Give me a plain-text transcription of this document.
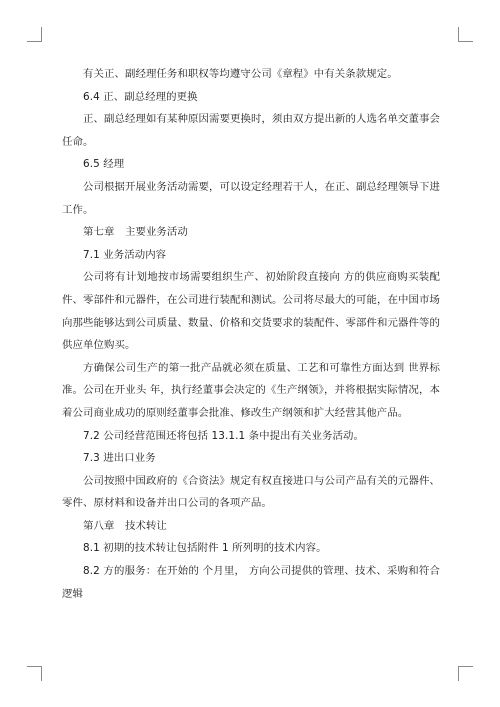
有关正、副经理任务和职权等均遵守公司《章程》中有关条款规定。

6.4 正、副总经理的更换

正、副总经理如有某种原因需要更换时，须由双方提出新的人选名单交董事会任命。

6.5 经理

公司根据开展业务活动需要，可以设定经理若干人，在正、副总经理领导下进工作。

第七章　主要业务活动

7.1 业务活动内容

公司将有计划地按市场需要组织生产、初始阶段直接向 方的供应商购买装配件、零部件和元器件，在公司进行装配和测试。公司将尽最大的可能，在中国市场向那些能够达到公司质量、数量、价格和交货要求的装配件、零部件和元器件等的供应单位购买。

方确保公司生产的第一批产品就必须在质量、工艺和可靠性方面达到 世界标准。公司在开业头 年，执行经董事会决定的《生产纲领》，并将根据实际情况，本着公司商业成功的原则经董事会批准、修改生产纲领和扩大经营其他产品。

7.2 公司经营范围还将包括 13.1.1 条中提出有关业务活动。

7.3 进出口业务

公司按照中国政府的《合资法》规定有权直接进口与公司产品有关的元器件、零件、原材料和设备并出口公司的各项产品。

第八章　技术转让

8.1 初期的技术转让包括附件 1 所列明的技术内容。

8.2 方的服务：在开始的 个月里， 方向公司提供的管理、技术、采购和符合逻辑
